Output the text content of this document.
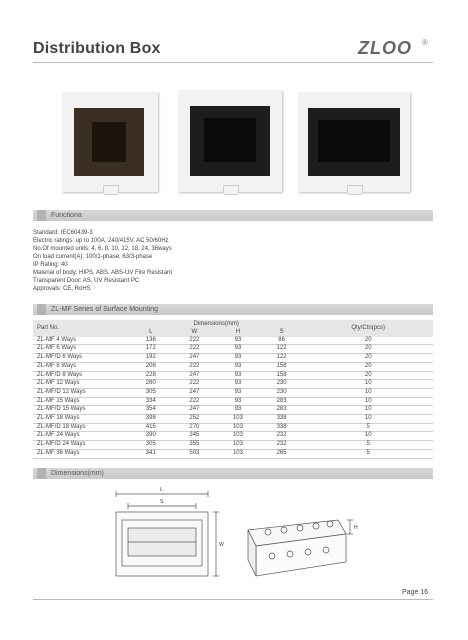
Distribution Box	ZLOO ®
Functiona
Standard: IEC60439-3
Electric ratings: up to 100A, 240/415V, AC 50/60Hz
No.Of mounted units: 4, 6, 8, 10, 12, 18, 24, 36ways
On load current(A): 100/1-phase, 63/3-phase
IP Rating: 40
Material of body: HIPS, ABS, ABS-UV Fire Resistant
Transparent Door: AS, UV Resistant PC
Approvals: CE, RoHS
ZL-MF Series of Surface Mounting
Part No.	Dimensions(mm)				Qty/Ctn(pcs)
	L	W	H	S	
ZL-MF 4 Ways	136	222	93	86	20
ZL-MF 6 Ways	172	222	93	122	20
ZL-MF/D 6 Ways	192	247	93	122	20
ZL-MF 8 Ways	208	222	93	158	20
ZL-MF/D 8 Ways	228	247	93	158	20
ZL-MF 12 Ways	280	222	93	230	10
ZL-MF/D 12 Ways	305	247	93	230	10
ZL-MF 15 Ways	334	222	93	283	10
ZL-MF/D 15 Ways	354	247	93	283	10
ZL-MF 18 Ways	398	252	103	338	10
ZL-MF/D 18 Ways	415	270	103	338	5
ZL-MF 24 Ways	390	345	103	232	10
ZL-MF/D 24 Ways	305	355	103	232	5
ZL-MF 36 Ways	341	503	103	265	5
Dimensions(mm)
L
S
W
H
Page 16
